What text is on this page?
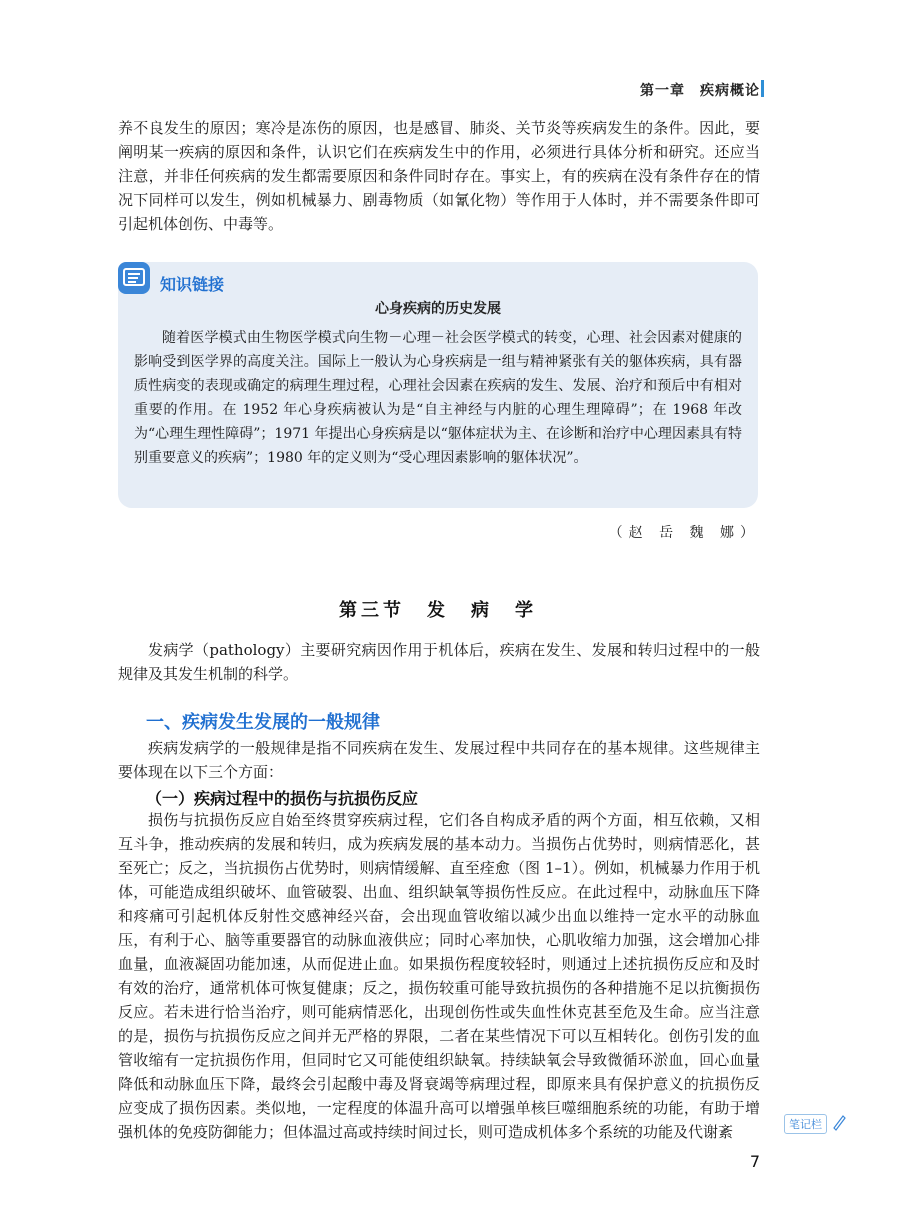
第一章　疾病概论

养不良发生的原因；寒冷是冻伤的原因，也是感冒、肺炎、关节炎等疾病发生的条件。因此，要阐明某一疾病的原因和条件，认识它们在疾病发生中的作用，必须进行具体分析和研究。还应当注意，并非任何疾病的发生都需要原因和条件同时存在。事实上，有的疾病在没有条件存在的情况下同样可以发生，例如机械暴力、剧毒物质（如氰化物）等作用于人体时，并不需要条件即可引起机体创伤、中毒等。

知识链接
心身疾病的历史发展

随着医学模式由生物医学模式向生物－心理－社会医学模式的转变，心理、社会因素对健康的影响受到医学界的高度关注。国际上一般认为心身疾病是一组与精神紧张有关的躯体疾病，具有器质性病变的表现或确定的病理生理过程，心理社会因素在疾病的发生、发展、治疗和预后中有相对重要的作用。在 1952 年心身疾病被认为是“自主神经与内脏的心理生理障碍”；在 1968 年改为“心理生理性障碍”；1971 年提出心身疾病是以“躯体症状为主、在诊断和治疗中心理因素具有特别重要意义的疾病”；1980 年的定义则为“受心理因素影响的躯体状况”。

（赵 岳 魏 娜）
第三节　发　病　学

发病学（pathology）主要研究病因作用于机体后，疾病在发生、发展和转归过程中的一般规律及其发生机制的科学。

一、疾病发生发展的一般规律

疾病发病学的一般规律是指不同疾病在发生、发展过程中共同存在的基本规律。这些规律主要体现在以下三个方面：

（一）疾病过程中的损伤与抗损伤反应

损伤与抗损伤反应自始至终贯穿疾病过程，它们各自构成矛盾的两个方面，相互依赖，又相互斗争，推动疾病的发展和转归，成为疾病发展的基本动力。当损伤占优势时，则病情恶化，甚至死亡；反之，当抗损伤占优势时，则病情缓解、直至痊愈（图 1–1）。例如，机械暴力作用于机体，可能造成组织破坏、血管破裂、出血、组织缺氧等损伤性反应。在此过程中，动脉血压下降和疼痛可引起机体反射性交感神经兴奋，会出现血管收缩以减少出血以维持一定水平的动脉血压，有利于心、脑等重要器官的动脉血液供应；同时心率加快，心肌收缩力加强，这会增加心排血量，血液凝固功能加速，从而促进止血。如果损伤程度较轻时，则通过上述抗损伤反应和及时有效的治疗，通常机体可恢复健康；反之，损伤较重可能导致抗损伤的各种措施不足以抗衡损伤反应。若未进行恰当治疗，则可能病情恶化，出现创伤性或失血性休克甚至危及生命。应当注意的是，损伤与抗损伤反应之间并无严格的界限，二者在某些情况下可以互相转化。创伤引发的血管收缩有一定抗损伤作用，但同时它又可能使组织缺氧。持续缺氧会导致微循环淤血，回心血量降低和动脉血压下降，最终会引起酸中毒及肾衰竭等病理过程，即原来具有保护意义的抗损伤反应变成了损伤因素。类似地，一定程度的体温升高可以增强单核巨噬细胞系统的功能，有助于增强机体的免疫防御能力；但体温过高或持续时间过长，则可造成机体多个系统的功能及代谢紊	笔记栏
7
